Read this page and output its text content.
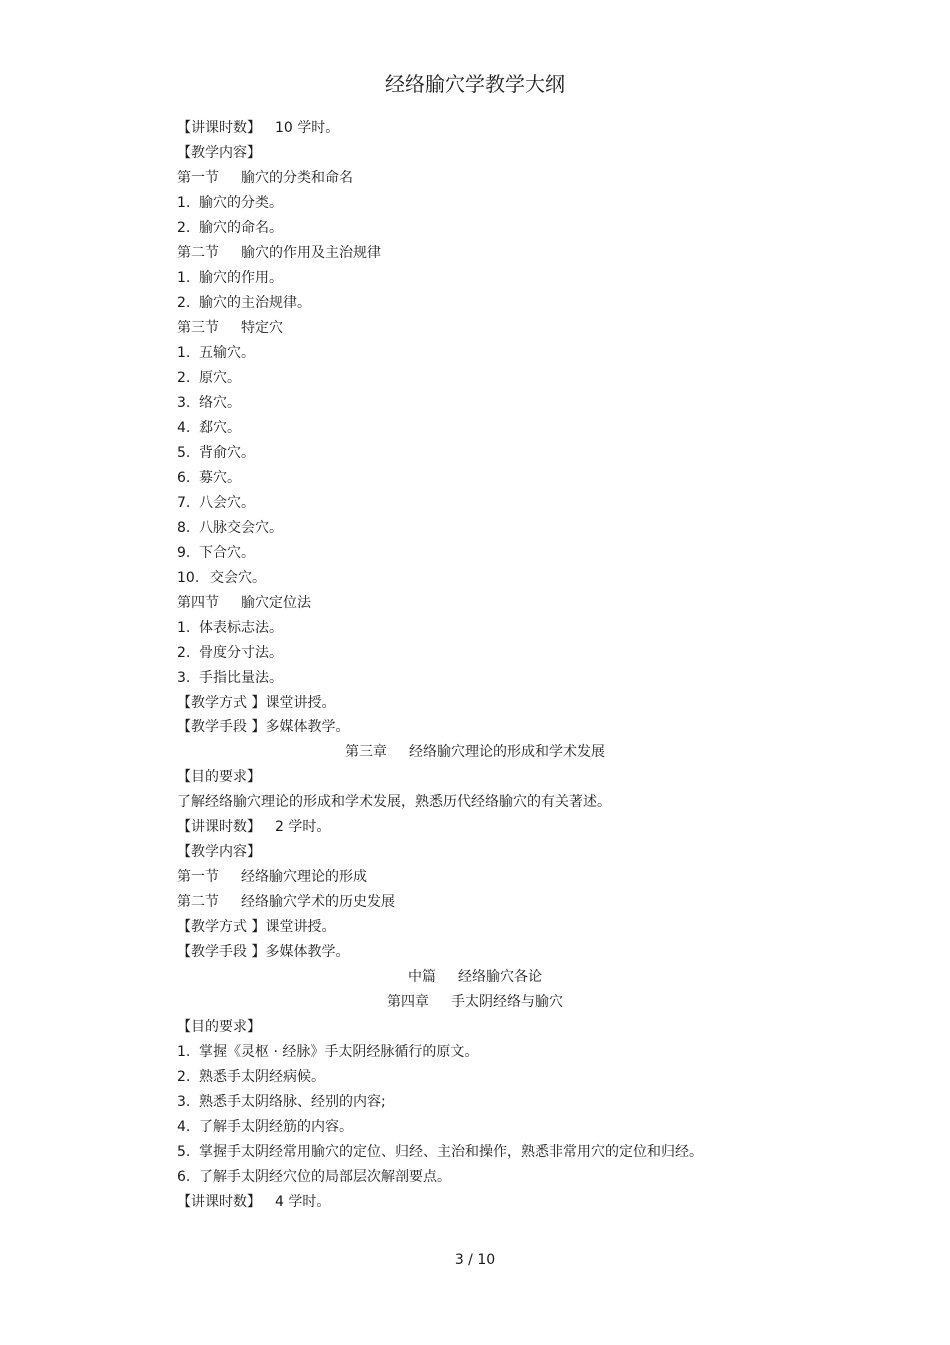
经络腧穴学教学大纲
【讲课时数】 10 学时。
【教学内容】
第一节 腧穴的分类和命名
1. 腧穴的分类。
2. 腧穴的命名。
第二节 腧穴的作用及主治规律
1. 腧穴的作用。
2. 腧穴的主治规律。
第三节 特定穴
1. 五输穴。
2. 原穴。
3. 络穴。
4. 郄穴。
5. 背俞穴。
6. 募穴。
7. 八会穴。
8. 八脉交会穴。
9. 下合穴。
10. 交会穴。
第四节 腧穴定位法
1. 体表标志法。
2. 骨度分寸法。
3. 手指比量法。
【教学方式 】课堂讲授。
【教学手段 】多媒体教学。
第三章 经络腧穴理论的形成和学术发展
【目的要求】
了解经络腧穴理论的形成和学术发展，熟悉历代经络腧穴的有关著述。
【讲课时数】 2 学时。
【教学内容】
第一节 经络腧穴理论的形成
第二节 经络腧穴学术的历史发展
【教学方式 】课堂讲授。
【教学手段 】多媒体教学。
中篇 经络腧穴各论
第四章 手太阴经络与腧穴
【目的要求】
1. 掌握《灵枢 · 经脉》手太阴经脉循行的原文。
2. 熟悉手太阴经病候。
3. 熟悉手太阴络脉、经别的内容;
4. 了解手太阴经筋的内容。
5. 掌握手太阴经常用腧穴的定位、归经、主治和操作，熟悉非常用穴的定位和归经。
6. 了解手太阴经穴位的局部层次解剖要点。
【讲课时数】 4 学时。
3 / 10
